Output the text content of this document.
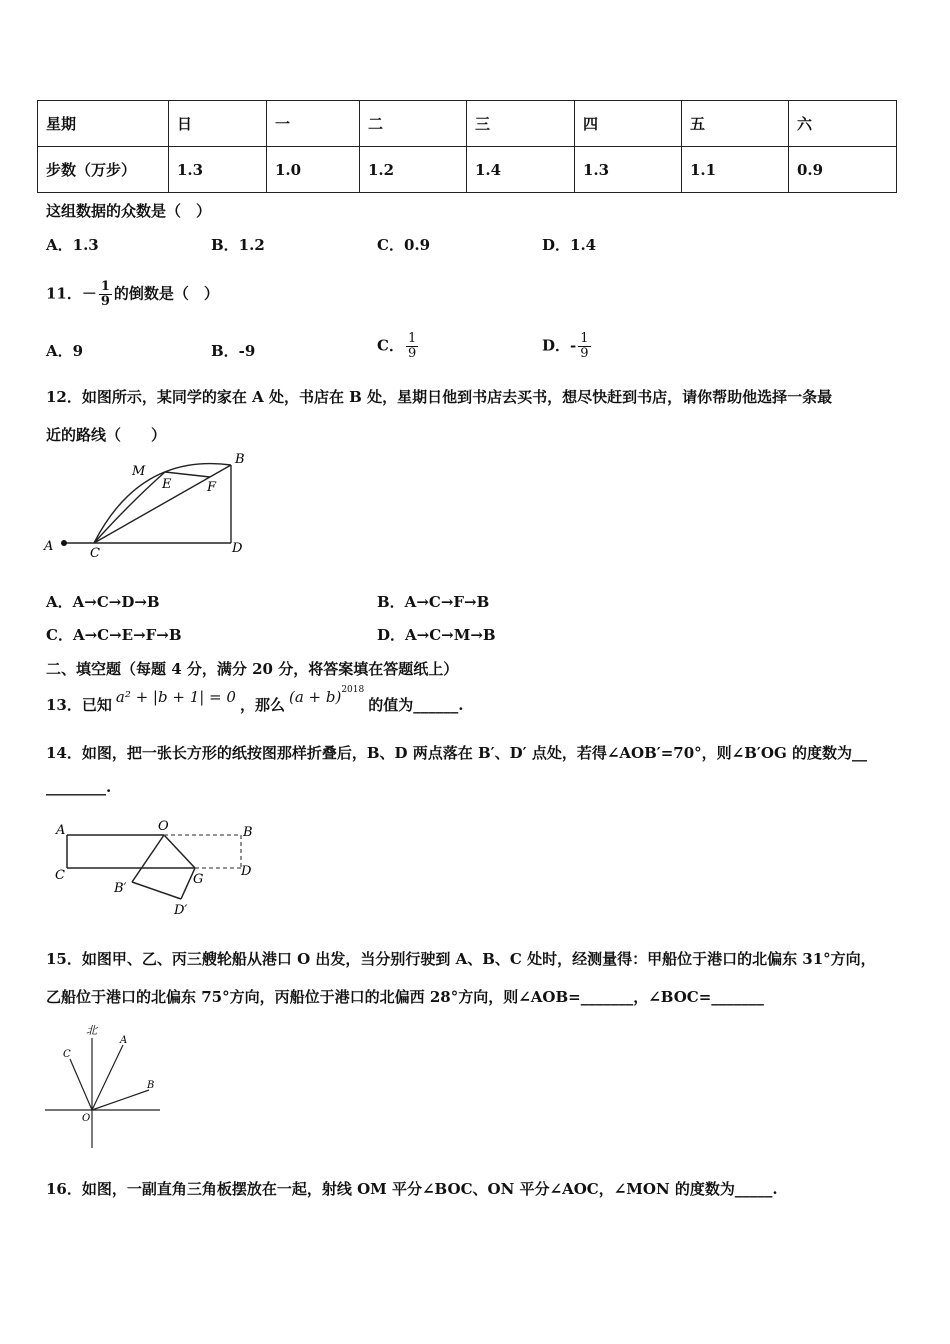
星期	日	一	二	三	四	五	六
步数（万步）	1.3	1.0	1.2	1.4	1.3	1.1	0.9
这组数据的众数是（　）
A．1.3	B．1.2	C．0.9	D．1.4
11．－ $\frac{1}{9}$ 的倒数是（　）
A．9	B．-9	C． $\frac{1}{9}$	D．- $\frac{1}{9}$
12．如图所示，某同学的家在 A 处，书店在 B 处，星期日他到书店去买书，想尽快赶到书店，请你帮助他选择一条最
近的路线（　　）
A	C	D
B
M
E	F
A．A→C→D→B	B．A→C→F→B
C．A→C→E→F→B	D．A→C→M→B
二、填空题（每题 4 分，满分 20 分，将答案填在答题纸上）
13．已知 a² + |b + 1| = 0 ，那么 $(a + b)^{2018}$的值为______.
14．如图，把一张长方形的纸按图那样折叠后，B、D 两点落在 B′、D′ 点处，若得∠AOB′=70°，则∠B′OG 的度数为__
________.
A	O	B
C	G
D
B′
D′
15．如图甲、乙、丙三艘轮船从港口 O 出发，当分别行驶到 A、B、C 处时，经测量得：甲船位于港口的北偏东 31°方向，
乙船位于港口的北偏东 75°方向，丙船位于港口的北偏西 28°方向，则∠AOB=_______，∠BOC=_______
北
C
A
B
O
16．如图，一副直角三角板摆放在一起，射线 OM 平分∠BOC、ON 平分∠AOC，∠MON 的度数为_____.
